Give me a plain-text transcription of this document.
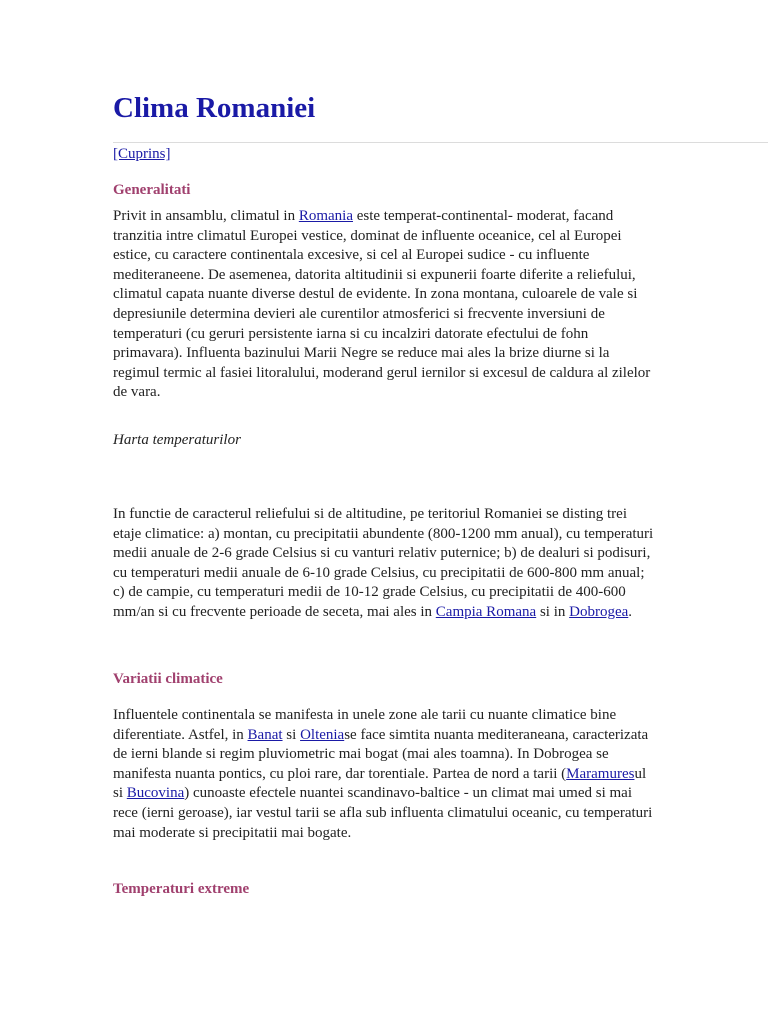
Clima Romaniei
[Cuprins]
Generalitati

Privit in ansamblu, climatul in Romania este temperat-continental- moderat, facand tranzitia intre climatul Europei vestice, dominat de influente oceanice, cel al Europei estice, cu caractere continentala excesive, si cel al Europei sudice - cu influente mediteraneene. De asemenea, datorita altitudinii si expunerii foarte diferite a reliefului, climatul capata nuante diverse destul de evidente. In zona montana, culoarele de vale si depresiunile determina devieri ale curentilor atmosferici si frecvente inversiuni de temperaturi (cu geruri persistente iarna si cu incalziri datorate efectului de fohn primavara). Influenta bazinului Marii Negre se reduce mai ales la brize diurne si la regimul termic al fasiei litoralului, moderand gerul iernilor si excesul de caldura al zilelor de vara.

Harta temperaturilor

In functie de caracterul reliefului si de altitudine, pe teritoriul Romaniei se disting trei etaje climatice: a) montan, cu precipitatii abundente (800-1200 mm anual), cu temperaturi medii anuale de 2-6 grade Celsius si cu vanturi relativ puternice; b) de dealuri si podisuri, cu temperaturi medii anuale de 6-10 grade Celsius, cu precipitatii de 600-800 mm anual; c) de campie, cu temperaturi medii de 10-12 grade Celsius, cu precipitatii de 400-600 mm/an si cu frecvente perioade de seceta, mai ales in Campia Romana si in Dobrogea.

Variatii climatice

Influentele continentala se manifesta in unele zone ale tarii cu nuante climatice bine diferentiate. Astfel, in Banat si Olteniase face simtita nuanta mediteraneana, caracterizata de ierni blande si regim pluviometric mai bogat (mai ales toamna). In Dobrogea se manifesta nuanta pontics, cu ploi rare, dar torentiale. Partea de nord a tarii (Maramuresul si Bucovina) cunoaste efectele nuantei scandinavo-baltice - un climat mai umed si mai rece (ierni geroase), iar vestul tarii se afla sub influenta climatului oceanic, cu temperaturi mai moderate si precipitatii mai bogate.

Temperaturi extreme
